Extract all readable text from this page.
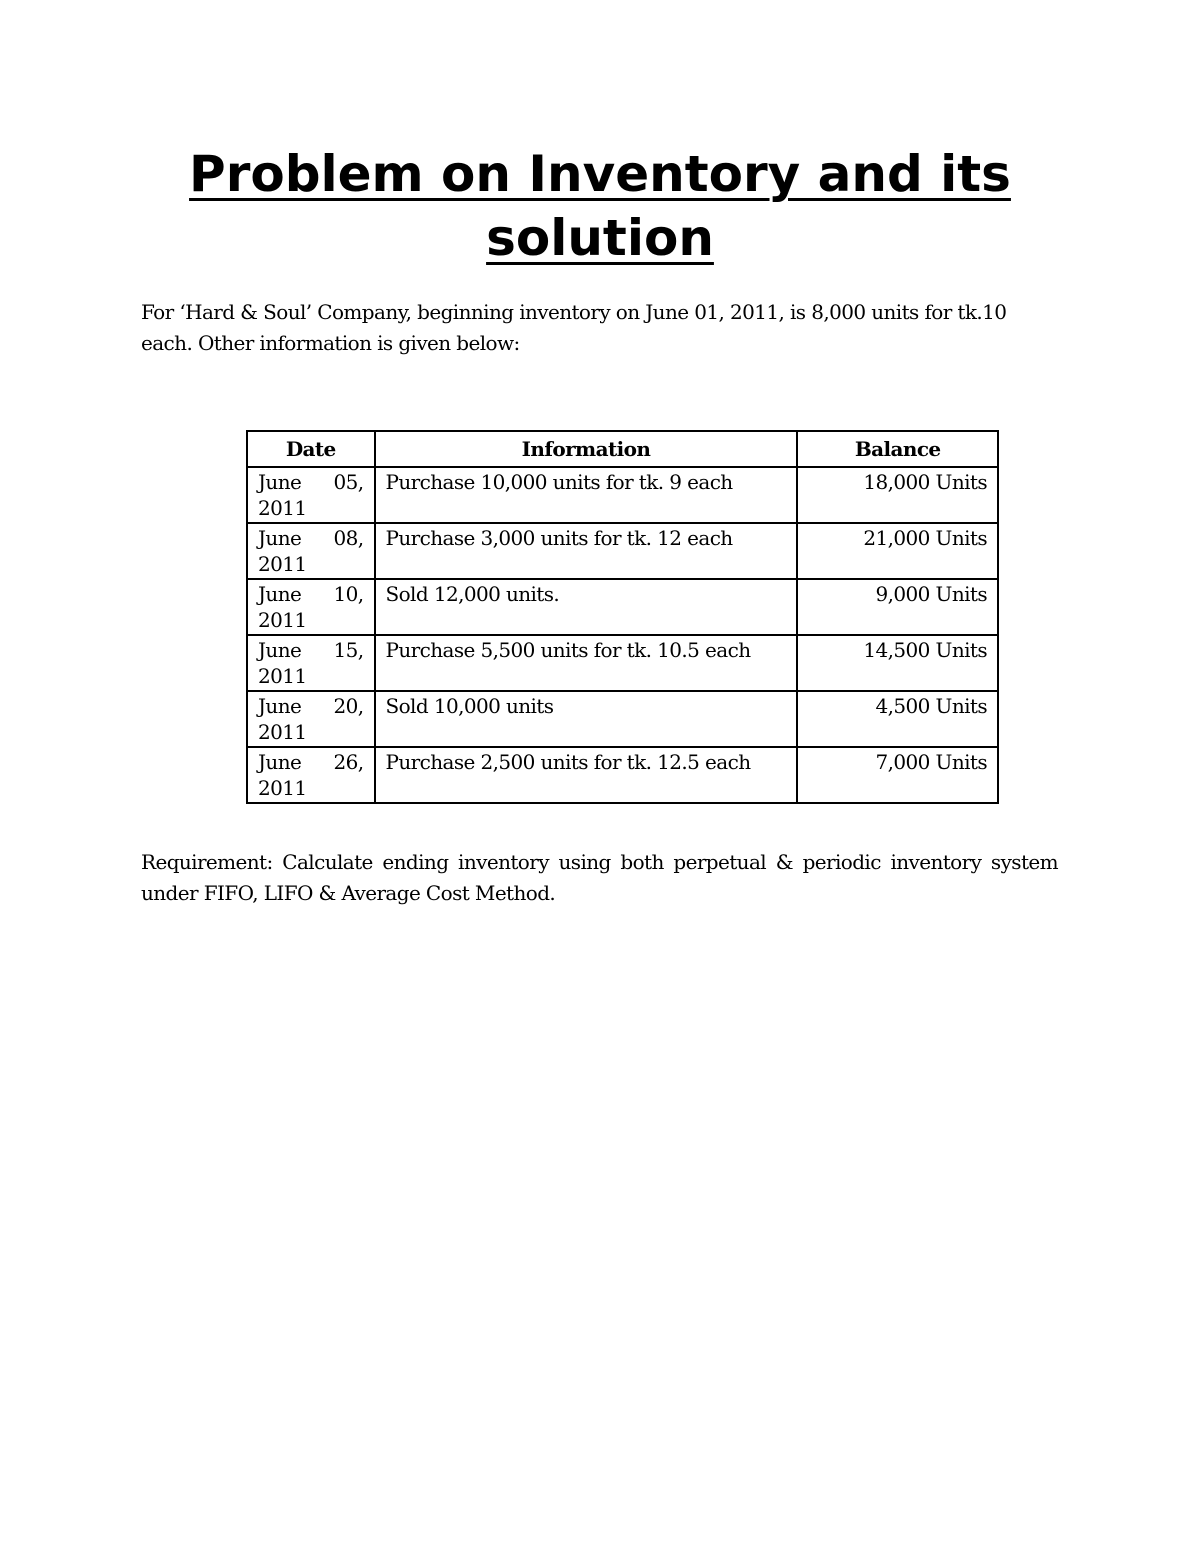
Problem on Inventory and its solution

For ‘Hard & Soul’ Company, beginning inventory on June 01, 2011, is 8,000 units for tk.10 each. Other information is given below:

Date	Information	Balance

June 05,
2011	Purchase 10,000 units for tk. 9 each	18,000 Units

June 08,
2011	Purchase 3,000 units for tk. 12 each	21,000 Units

June 10,
2011	Sold 12,000 units.	9,000 Units

June 15,
2011	Purchase 5,500 units for tk. 10.5 each	14,500 Units

June 20,
2011	Sold 10,000 units	4,500 Units

June 26,
2011	Purchase 2,500 units for tk. 12.5 each	7,000 Units

Requirement: Calculate ending inventory using both perpetual & periodic inventory system under FIFO, LIFO & Average Cost Method.
